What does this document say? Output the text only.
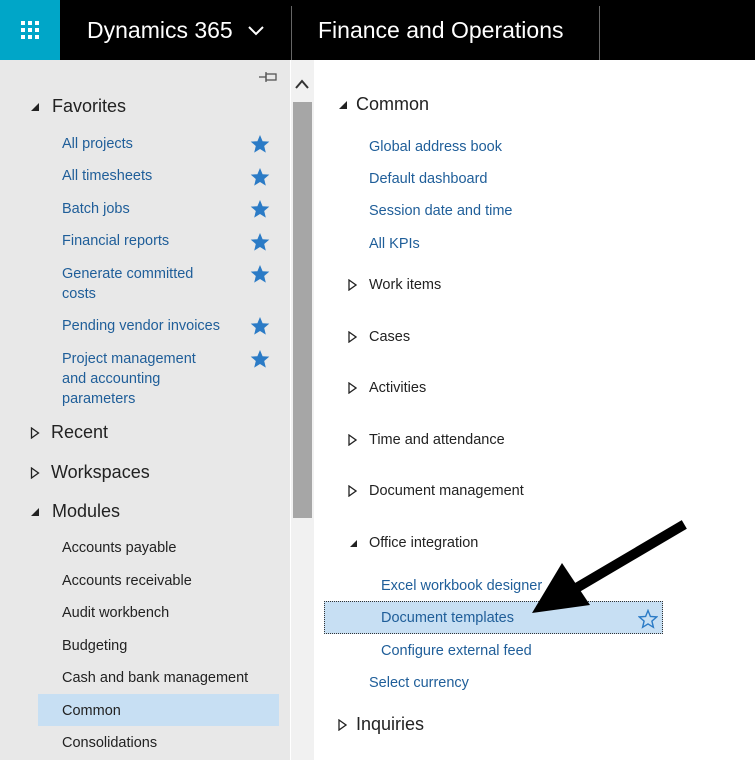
Dynamics 365	Finance and Operations
Favorites
All projects
All timesheets
Batch jobs
Financial reports
Generate committed costs
Pending vendor invoices
Project management and accounting parameters
Recent
Workspaces
Modules
Accounts payable
Accounts receivable
Audit workbench
Budgeting
Cash and bank management
Common
Consolidations
Common
Global address book
Default dashboard
Session date and time
All KPIs
Work items
Cases
Activities
Time and attendance
Document management
Office integration
Excel workbook designer
Document templates
Configure external feed
Select currency
Inquiries
